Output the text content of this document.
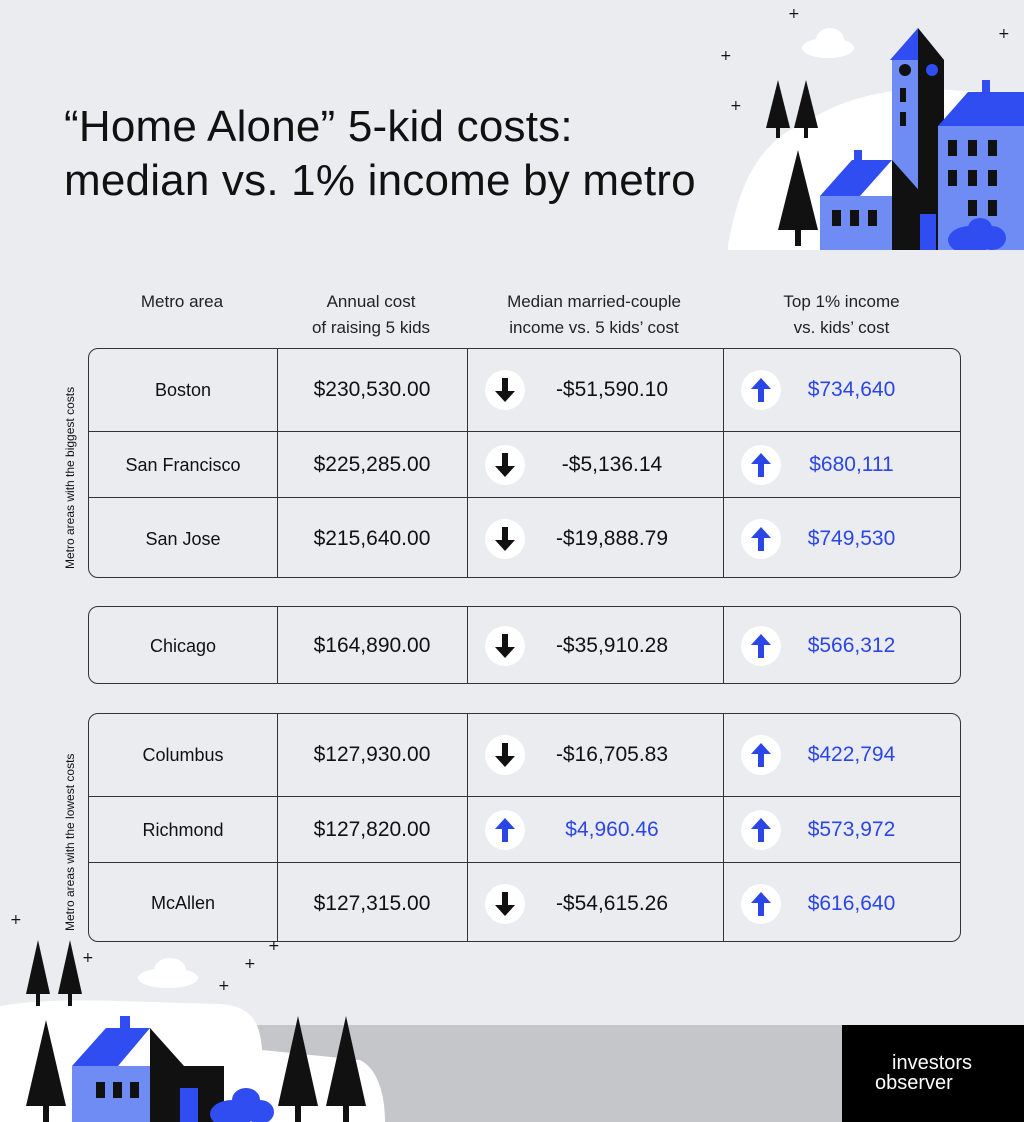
+
+
+
+
“Home Alone” 5-kid costs:
median vs. 1% income by metro
Metro area	Annual cost
of raising 5 kids
Median married-couple
income vs. 5 kids’ cost
Top 1% income
vs. kids’ cost
Metro areas with the biggest costs
Metro areas with the lowest costs
Boston	$230,530.00	-$51,590.10	$734,640
San Francisco	$225,285.00	-$5,136.14	$680,111
San Jose	$215,640.00	-$19,888.79	$749,530
Chicago	$164,890.00	-$35,910.28	$566,312
Columbus	$127,930.00	-$16,705.83	$422,794
Richmond	$127,820.00	$4,960.46	$573,972
McAllen	$127,315.00	-$54,615.26	$616,640
+
+
+
+
+
investors
observer
